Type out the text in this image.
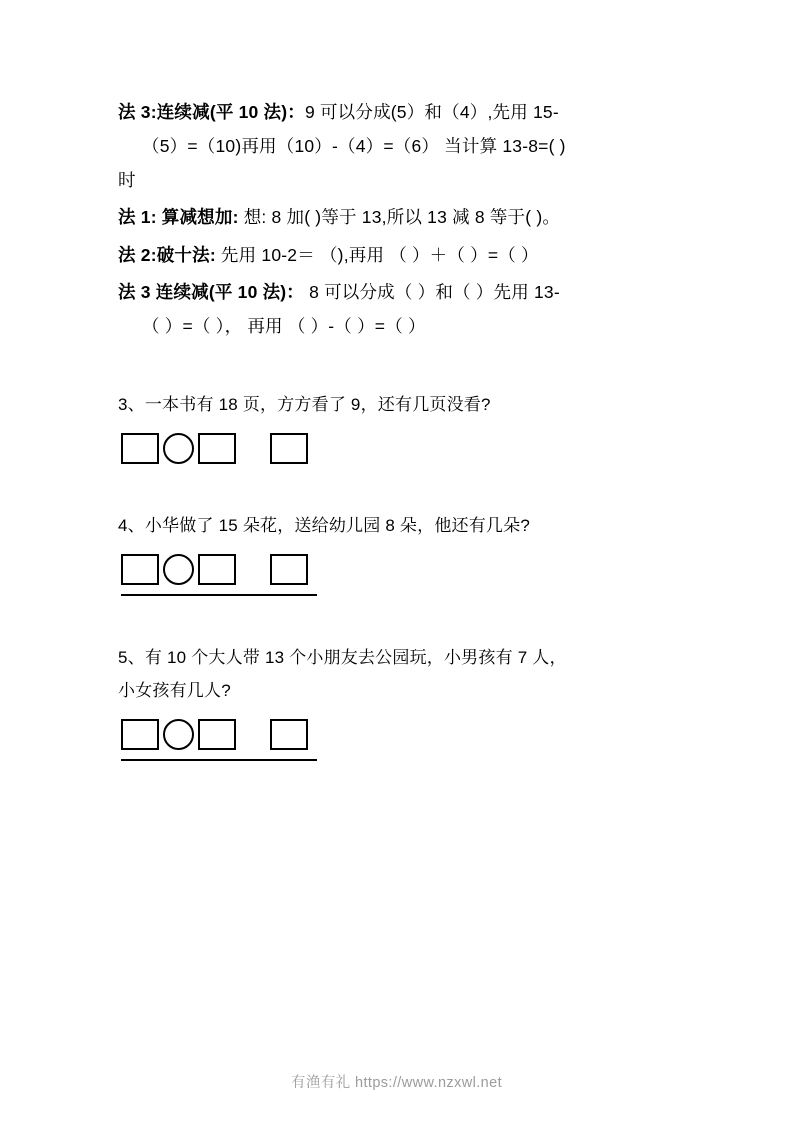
法 3:连续减(平 10 法)：9 可以分成(5）和（4）,先用 15-
（5）=（10)再用（10）-（4）=（6） 当计算 13-8=( )
时
法 1: 算减想加: 想: 8 加( )等于 13,所以 13 减 8 等于( )。
法 2:破十法: 先用 10-2＝ （),再用 （ ）＋（ ）=（ ）
法 3 连续减(平 10 法)： 8 可以分成（ ）和（ ）先用 13-
（ ）=（ ）， 再用 （ ）-（ ）=（ ）
3、一本书有 18 页，方方看了 9，还有几页没看?
4、小华做了 15 朵花，送给幼儿园 8 朵，他还有几朵?
5、有 10 个大人带 13 个小朋友去公园玩，小男孩有 7 人，
小女孩有几人?
有渔有礼 https://www.nzxwl.net
